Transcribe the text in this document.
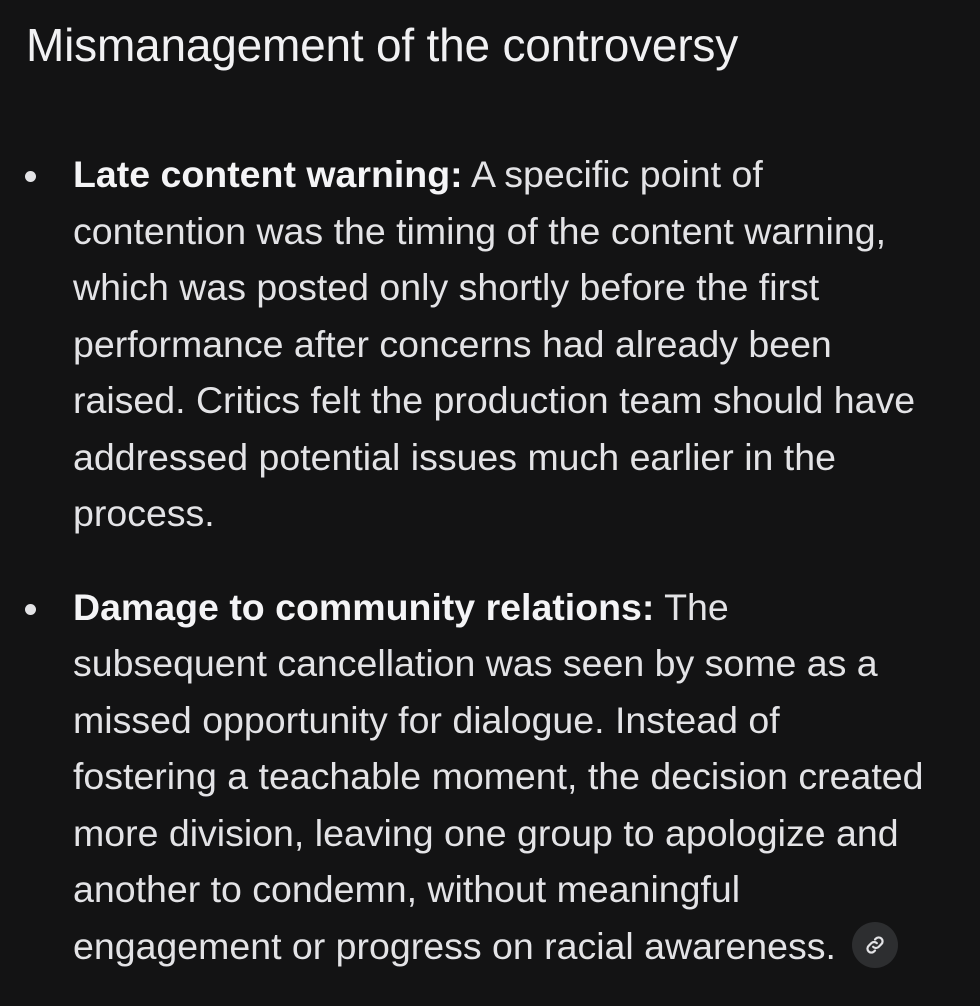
Mismanagement of the controversy
Late content warning: A specific point of contention was the timing of the content warning, which was posted only shortly before the first performance after concerns had already been raised. Critics felt the production team should have addressed potential issues much earlier in the process.
Damage to community relations: The subsequent cancellation was seen by some as a missed opportunity for dialogue. Instead of fostering a teachable moment, the decision created more division, leaving one group to apologize and another to condemn, without meaningful engagement or progress on racial awareness.
